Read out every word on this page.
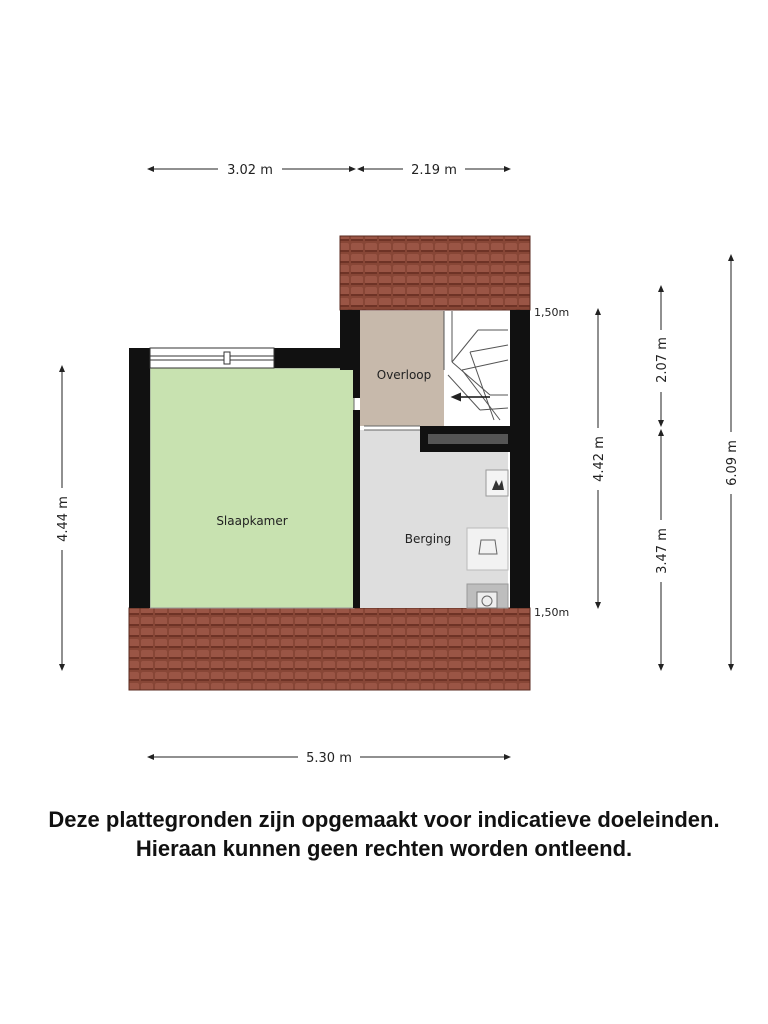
Slaapkamer
Overloop
Berging
1,50m
1,50m
3.02 m	2.19 m
5.30 m
4.44 m
4.42 m
2.07 m
3.47 m
6.09 m
Deze plattegronden zijn opgemaakt voor indicatieve doeleinden.
Hieraan kunnen geen rechten worden ontleend.
